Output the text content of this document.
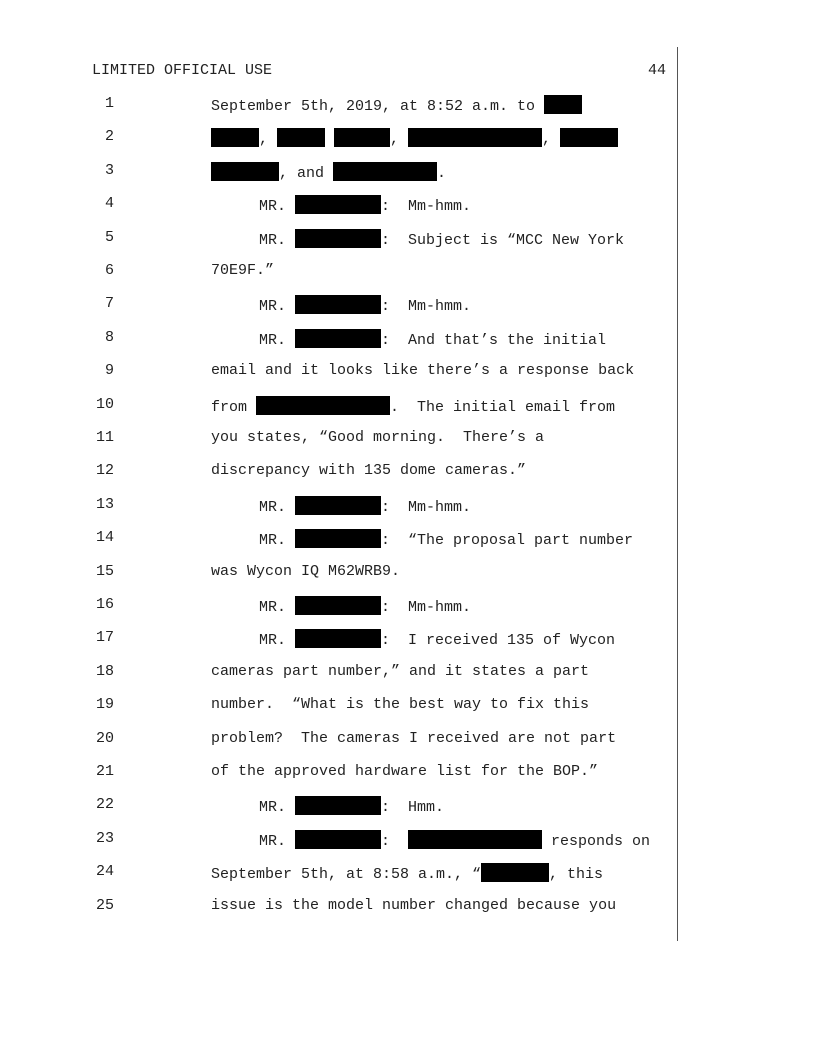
LIMITED OFFICIAL USE	44
1	September 5th, 2019, at 8:52 a.m. to
2	,	,	,
3	, and	.
4	MR.	:  Mm-hmm.
5	MR.	:  Subject is “MCC New York
6	70E9F.”
7	MR.	:  Mm-hmm.
8	MR.	:  And that’s the initial
9	email and it looks like there’s a response back
10	from	.  The initial email from
11	you states, “Good morning.  There’s a
12	discrepancy with 135 dome cameras.”
13	MR.	:  Mm-hmm.
14	MR.	:  “The proposal part number
15	was Wycon IQ M62WRB9.
16	MR.	:  Mm-hmm.
17	MR.	:  I received 135 of Wycon
18	cameras part number,” and it states a part
19	number.  “What is the best way to fix this
20	problem?  The cameras I received are not part
21	of the approved hardware list for the BOP.”
22	MR.	:  Hmm.
23	MR.	:	responds on
24	September 5th, at 8:58 a.m., “	, this
25	issue is the model number changed because you
